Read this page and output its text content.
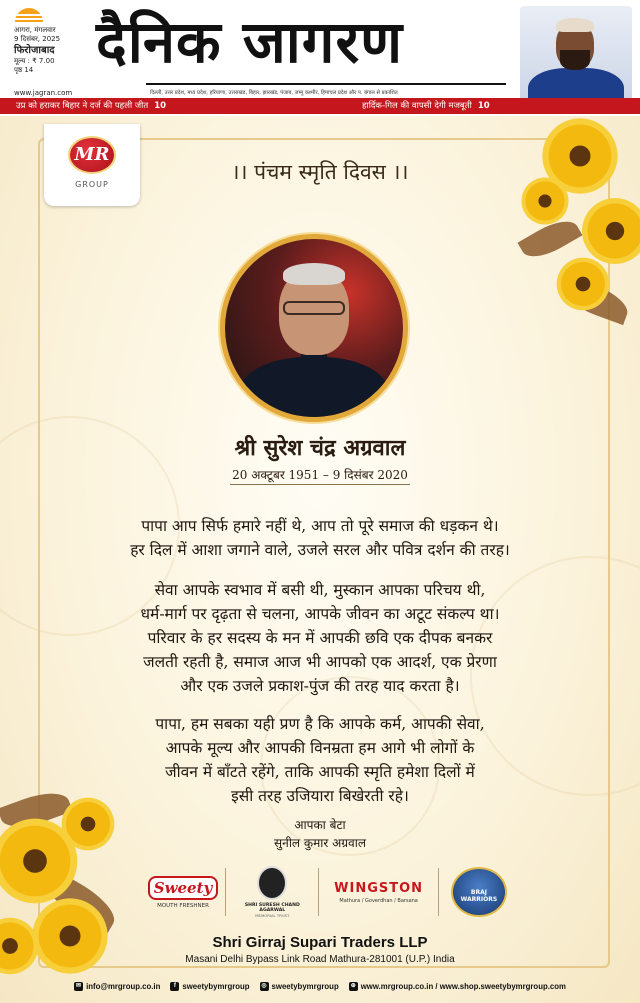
आगरा, मंगलवार
9 दिसंबर, 2025
फिरोजाबाद
मूल्य : ₹ 7.00
पृष्ठ 14	दैनिक जागरण
दिल्ली, उत्तर प्रदेश, मध्य प्रदेश, हरियाणा, उत्तराखंड, बिहार, झारखंड, पंजाब, जम्मू कश्मीर, हिमाचल प्रदेश और प. बंगाल से प्रकाशित
www.jagran.com
उप्र को हराकर बिहार ने दर्ज की पहली जीत 10	हार्दिक-गिल की वापसी देगी मजबूती 10
MR
GROUP
।। पंचम स्मृति दिवस ।।
श्री सुरेश चंद्र अग्रवाल
20 अक्टूबर 1951 – 9 दिसंबर 2020
पापा आप सिर्फ हमारे नहीं थे, आप तो पूरे समाज की धड़कन थे।
हर दिल में आशा जगाने वाले, उजले सरल और पवित्र दर्शन की तरह।
सेवा आपके स्वभाव में बसी थी, मुस्कान आपका परिचय थी,
धर्म-मार्ग पर दृढ़ता से चलना, आपके जीवन का अटूट संकल्प था।
परिवार के हर सदस्य के मन में आपकी छवि एक दीपक बनकर
जलती रहती है, समाज आज भी आपको एक आदर्श, एक प्रेरणा
और एक उजले प्रकाश-पुंज की तरह याद करता है।
पापा, हम सबका यही प्रण है कि आपके कर्म, आपकी सेवा,
आपके मूल्य और आपकी विनम्रता हम आगे भी लोगों के
जीवन में बाँटते रहेंगे, ताकि आपकी स्मृति हमेशा दिलों में
इसी तरह उजियारा बिखेरती रहे।
आपका बेटा
सुनील कुमार अग्रवाल
Sweety
MOUTH FRESHNER	SHRI SURESH CHAND AGARWAL
MEMORIAL TRUST
WINGSTON
Mathura / Goverdhan / Barsana
BRAJ WARRIORS
Shri Girraj Supari Traders LLP
Masani Delhi Bypass Link Road Mathura-281001 (U.P.) India
✉ info@mrgroup.co.in	f sweetybymrgroup	◎ sweetybymrgroup	⊕ www.mrgroup.co.in / www.shop.sweetybymrgroup.com
